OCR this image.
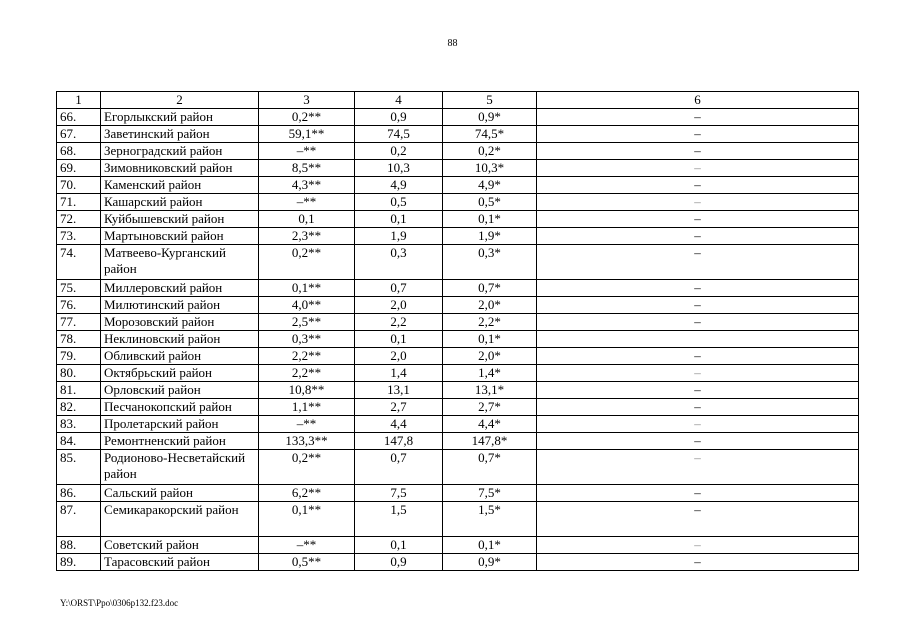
88
1	2	3	4	5	6
66.	Егорлыкский район	0,2**	0,9	0,9*	–
67.	Заветинский район	59,1**	74,5	74,5*	–
68.	Зерноградский район	–**	0,2	0,2*	–
69.	Зимовниковский район	8,5**	10,3	10,3*	–
70.	Каменский район	4,3**	4,9	4,9*	–
71.	Кашарский район	–**	0,5	0,5*	–
72.	Куйбышевский район	0,1	0,1	0,1*	–
73.	Мартыновский район	2,3**	1,9	1,9*	–
74.	Матвеево-Курганский район	0,2**	0,3	0,3*	–
75.	Миллеровский район	0,1**	0,7	0,7*	–
76.	Милютинский район	4,0**	2,0	2,0*	–
77.	Морозовский район	2,5**	2,2	2,2*	–
78.	Неклиновский район	0,3**	0,1	0,1*	
79.	Обливский район	2,2**	2,0	2,0*	–
80.	Октябрьский район	2,2**	1,4	1,4*	–
81.	Орловский район	10,8**	13,1	13,1*	–
82.	Песчанокопский район	1,1**	2,7	2,7*	–
83.	Пролетарский район	–**	4,4	4,4*	–
84.	Ремонтненский район	133,3**	147,8	147,8*	–
85.	Родионово-Несветайский район	0,2**	0,7	0,7*	–
86.	Сальский район	6,2**	7,5	7,5*	–
87.	Семикаракорский район	0,1**	1,5	1,5*	–
88.	Советский район	–**	0,1	0,1*	–
89.	Тарасовский район	0,5**	0,9	0,9*	–
Y:\ORST\Ppo\0306p132.f23.doc
